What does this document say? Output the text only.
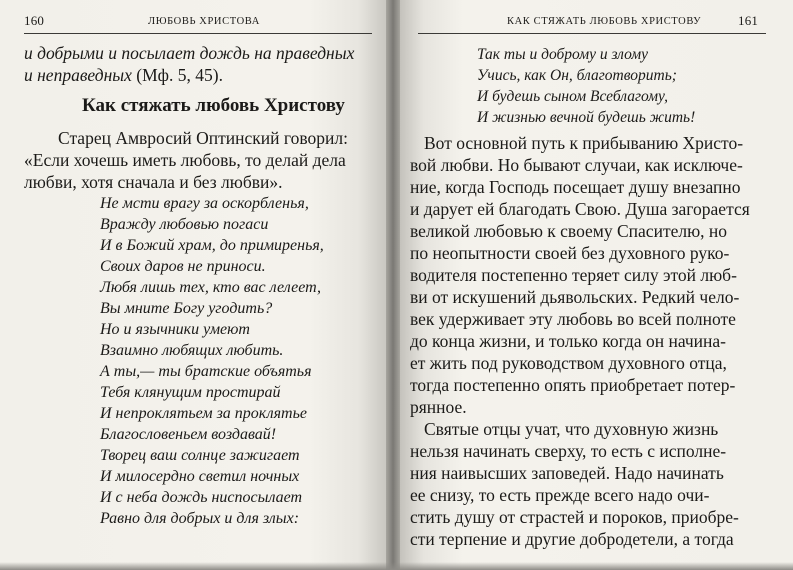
160	ЛЮБОВЬ ХРИСТОВА
и добрыми и посылает дождь на праведных
и неправедных (Мф. 5, 45).
Как стяжать любовь Христову
Старец Амвросий Оптинский говорил:
«Если хочешь иметь любовь, то делай дела
любви, хотя сначала и без любви».
Не мсти врагу за оскорбленья,
Вражду любовью погаси
И в Божий храм, до примиренья,
Своих даров не приноси.
Любя лишь тех, кто вас лелеет,
Вы мните Богу угодить?
Но и язычники умеют
Взаимно любящих любить.
А ты,— ты братские объятья
Тебя клянущим простирай
И непроклятьем за проклятье
Благословеньем воздавай!
Творец ваш солнце зажигает
И милосердно светил ночных
И с неба дождь ниспосылает
Равно для добрых и для злых:
КАК СТЯЖАТЬ ЛЮБОВЬ ХРИСТОВУ	161
Так ты и доброму и злому
Учись, как Он, благотворить;
И будешь сыном Всеблагому,
И жизнью вечной будешь жить!
Вот основной путь к прибыванию Христо-
вой любви. Но бывают случаи, как исключе-
ние, когда Господь посещает душу внезапно
и дарует ей благодать Свою. Душа загорается
великой любовью к своему Спасителю, но
по неопытности своей без духовного руко-
водителя постепенно теряет силу этой люб-
ви от искушений дьявольских. Редкий чело-
век удерживает эту любовь во всей полноте
до конца жизни, и только когда он начина-
ет жить под руководством духовного отца,
тогда постепенно опять приобретает потер-
рянное.
Святые отцы учат, что духовную жизнь
нельзя начинать сверху, то есть с исполне-
ния наивысших заповедей. Надо начинать
ее снизу, то есть прежде всего надо очи-
стить душу от страстей и пороков, приобре-
сти терпение и другие добродетели, а тогда
